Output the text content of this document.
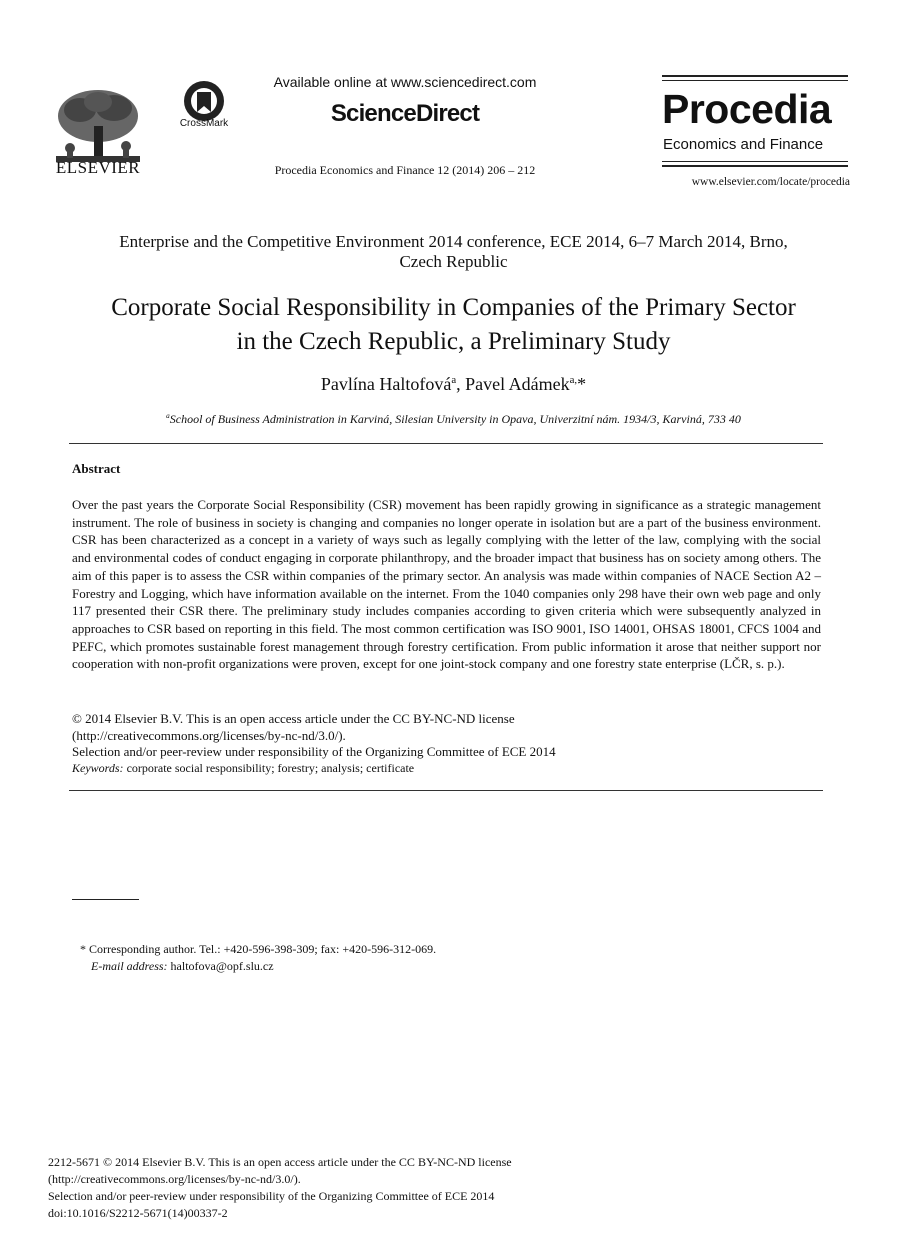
ELSEVIER
CrossMark
Available online at www.sciencedirect.com
ScienceDirect
Procedia Economics and Finance 12 (2014) 206 – 212
Procedia
Economics and Finance
www.elsevier.com/locate/procedia
Enterprise and the Competitive Environment 2014 conference, ECE 2014, 6–7 March 2014, Brno,
Czech Republic
Corporate Social Responsibility in Companies of the Primary Sector
in the Czech Republic, a Preliminary Study
Pavlína Haltofová$^a$, Pavel Adámek$^{a,}$*
$^a$School of Business Administration in Karviná, Silesian University in Opava, Univerzitní nám. 1934/3, Karviná, 733 40
Abstract
Over the past years the Corporate Social Responsibility (CSR) movement has been rapidly growing in significance as a strategic management instrument. The role of business in society is changing and companies no longer operate in isolation but are a part of the business environment. CSR has been characterized as a concept in a variety of ways such as legally complying with the letter of the law, complying with the social and environmental codes of conduct engaging in corporate philanthropy, and the broader impact that business has on society among others. The aim of this paper is to assess the CSR within companies of the primary sector. An analysis was made within companies of NACE Section A2 – Forestry and Logging, which have information available on the internet. From the 1040 companies only 298 have their own web page and only 117 presented their CSR there. The preliminary study includes companies according to given criteria which were subsequently analyzed in approaches to CSR based on reporting in this field. The most common certification was ISO 9001, ISO 14001, OHSAS 18001, CFCS 1004 and PEFC, which promotes sustainable forest management through forestry certification. From public information it arose that neither support nor cooperation with non-profit organizations were proven, except for one joint-stock company and one forestry state enterprise (LČR, s. p.).
© 2014 Elsevier B.V. This is an open access article under the CC BY-NC-ND license
(http://creativecommons.org/licenses/by-nc-nd/3.0/).
Selection and/or peer-review under responsibility of the Organizing Committee of ECE 2014
Keywords: corporate social responsibility; forestry; analysis; certificate
* Corresponding author. Tel.: +420-596-398-309; fax: +420-596-312-069.
E-mail address: haltofova@opf.slu.cz
2212-5671 © 2014 Elsevier B.V. This is an open access article under the CC BY-NC-ND license
(http://creativecommons.org/licenses/by-nc-nd/3.0/).
Selection and/or peer-review under responsibility of the Organizing Committee of ECE 2014
doi:10.1016/S2212-5671(14)00337-2
